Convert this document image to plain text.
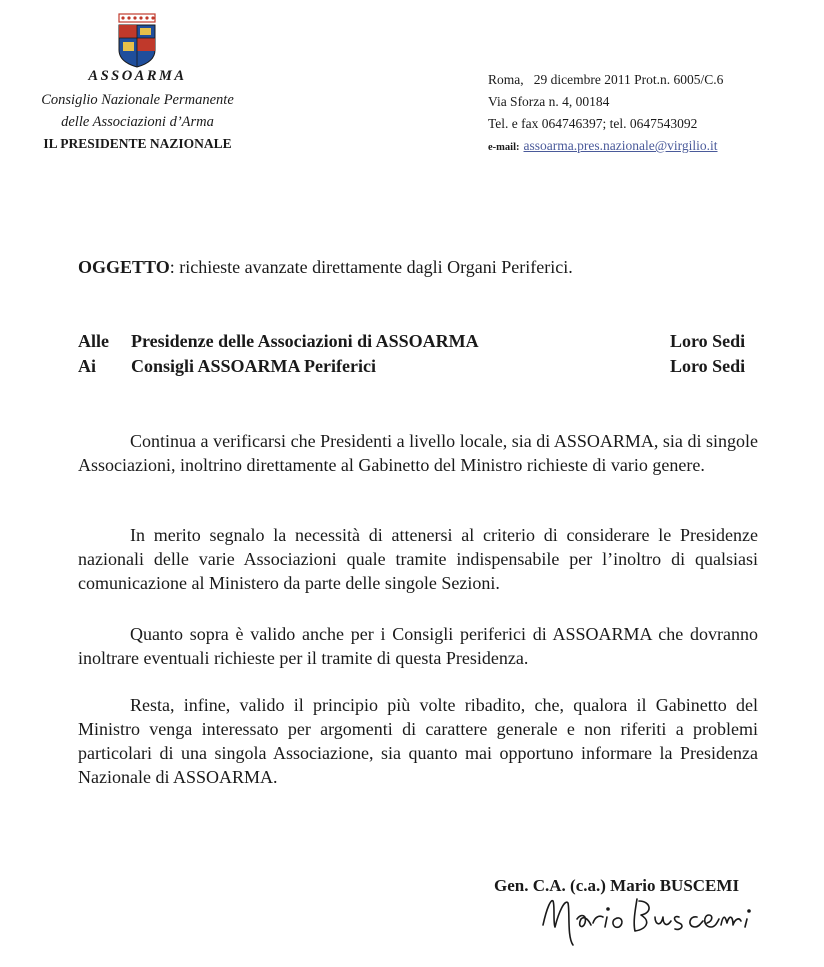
ASSOARMA
Consiglio Nazionale Permanente
delle Associazioni d’Arma
IL PRESIDENTE NAZIONALE
Roma,   29 dicembre 2011 Prot.n. 6005/C.6
Via Sforza n. 4, 00184
Tel. e fax 064746397; tel. 0647543092
e-mail: assoarma.pres.nazionale@virgilio.it
OGGETTO: richieste avanzate direttamente dagli Organi Periferici.
Alle Presidenze delle Associazioni di ASSOARMA	Loro Sedi
Ai Consigli ASSOARMA Periferici	Loro Sedi
Continua a verificarsi che Presidenti a livello locale, sia di ASSOARMA, sia di singole Associazioni, inoltrino direttamente al Gabinetto del Ministro richieste di vario genere.
In merito segnalo la necessità di attenersi al criterio di considerare le Presidenze nazionali delle varie Associazioni quale tramite indispensabile per l’inoltro di qualsiasi comunicazione al Ministero da parte delle singole Sezioni.
Quanto sopra è valido anche per i Consigli periferici di ASSOARMA che dovranno inoltrare eventuali richieste per il tramite di questa Presidenza.
Resta, infine, valido il principio più volte ribadito, che, qualora il Gabinetto del Ministro venga interessato per argomenti di carattere generale e non riferiti a problemi particolari di una singola Associazione, sia quanto mai opportuno informare la Presidenza Nazionale di ASSOARMA.
Gen. C.A. (c.a.) Mario BUSCEMI
